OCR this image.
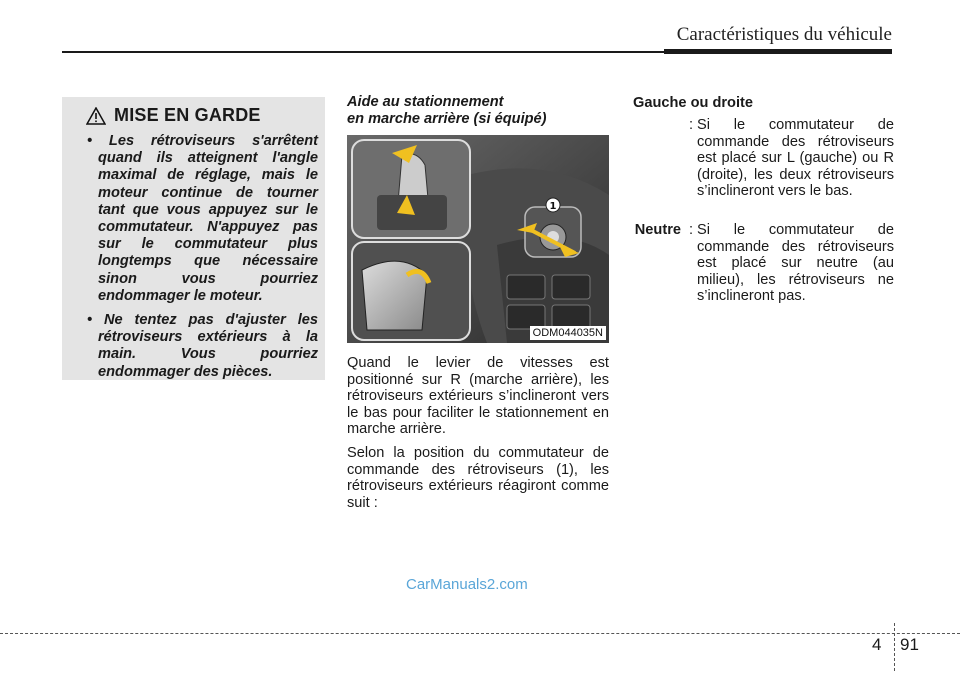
Caractéristiques du véhicule
MISE EN GARDE
• Les rétroviseurs s'arrêtent quand ils atteignent l'angle maximal de réglage, mais le moteur continue de tourner tant que vous appuyez sur le commutateur. N'appuyez pas sur le commutateur plus longtemps que nécessaire sinon vous pourriez endommager le moteur.
• Ne tentez pas d'ajuster les rétroviseurs extérieurs à la main. Vous pourriez endommager des pièces.
Aide au stationnement
en marche arrière (si équipé)
1
ODM044035N

Quand le levier de vitesses est positionné sur R (marche arrière), les rétroviseurs extérieurs s’inclineront vers le bas pour faciliter le stationnement en marche arrière.

Selon la position du commutateur de commande des rétroviseurs (1), les rétroviseurs extérieurs réagiront comme suit :

Gauche ou droite
: Si le commutateur de commande des rétroviseurs est placé sur L (gauche) ou R (droite), les deux rétroviseurs s’inclineront vers le bas.
Neutre : Si le commutateur de commande des rétroviseurs est placé sur neutre (au milieu), les rétroviseurs ne s’inclineront pas.
CarManuals2.com
4 91
